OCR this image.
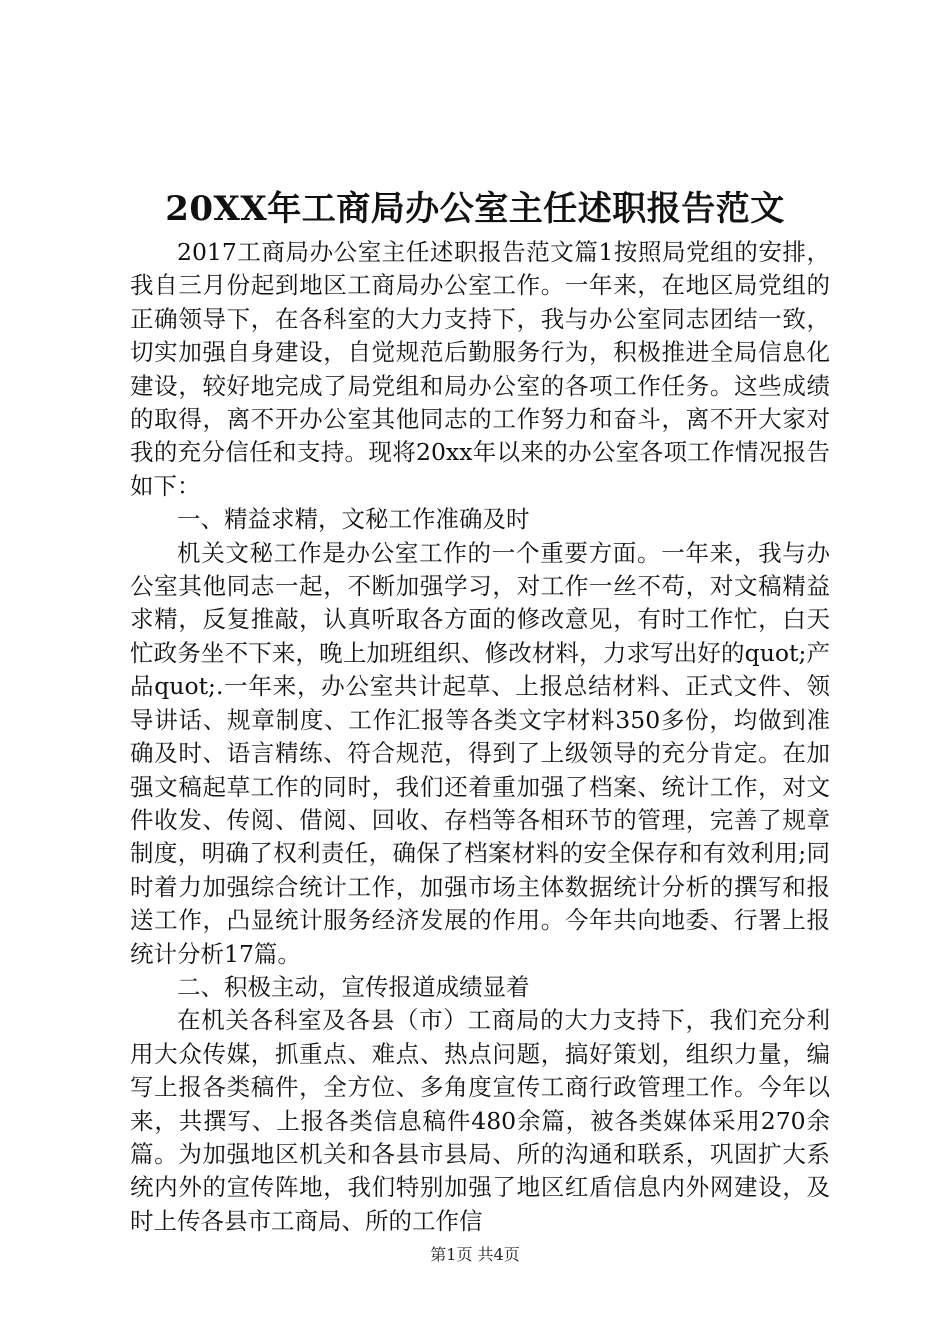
20XX年工商局办公室主任述职报告范文

2017工商局办公室主任述职报告范文篇1按照局党组的安排，我自三月份起到地区工商局办公室工作。一年来，在地区局党组的正确领导下，在各科室的大力支持下，我与办公室同志团结一致，切实加强自身建设，自觉规范后勤服务行为，积极推进全局信息化建设，较好地完成了局党组和局办公室的各项工作任务。这些成绩的取得，离不开办公室其他同志的工作努力和奋斗，离不开大家对我的充分信任和支持。现将20xx年以来的办公室各项工作情况报告如下：

一、精益求精，文秘工作准确及时

机关文秘工作是办公室工作的一个重要方面。一年来，我与办公室其他同志一起，不断加强学习，对工作一丝不苟，对文稿精益求精，反复推敲，认真听取各方面的修改意见，有时工作忙，白天忙政务坐不下来，晚上加班组织、修改材料，力求写出好的quot;产品quot;.一年来，办公室共计起草、上报总结材料、正式文件、领导讲话、规章制度、工作汇报等各类文字材料350多份，均做到准确及时、语言精练、符合规范，得到了上级领导的充分肯定。在加强文稿起草工作的同时，我们还着重加强了档案、统计工作，对文件收发、传阅、借阅、回收、存档等各相环节的管理，完善了规章制度，明确了权利责任，确保了档案材料的安全保存和有效利用;同时着力加强综合统计工作，加强市场主体数据统计分析的撰写和报送工作，凸显统计服务经济发展的作用。今年共向地委、行署上报统计分析17篇。

二、积极主动，宣传报道成绩显着

在机关各科室及各县（市）工商局的大力支持下，我们充分利用大众传媒，抓重点、难点、热点问题，搞好策划，组织力量，编写上报各类稿件，全方位、多角度宣传工商行政管理工作。今年以来，共撰写、上报各类信息稿件480余篇，被各类媒体采用270余篇。为加强地区机关和各县市县局、所的沟通和联系，巩固扩大系统内外的宣传阵地，我们特别加强了地区红盾信息内外网建设，及时上传各县市工商局、所的工作信

第1页 共4页
